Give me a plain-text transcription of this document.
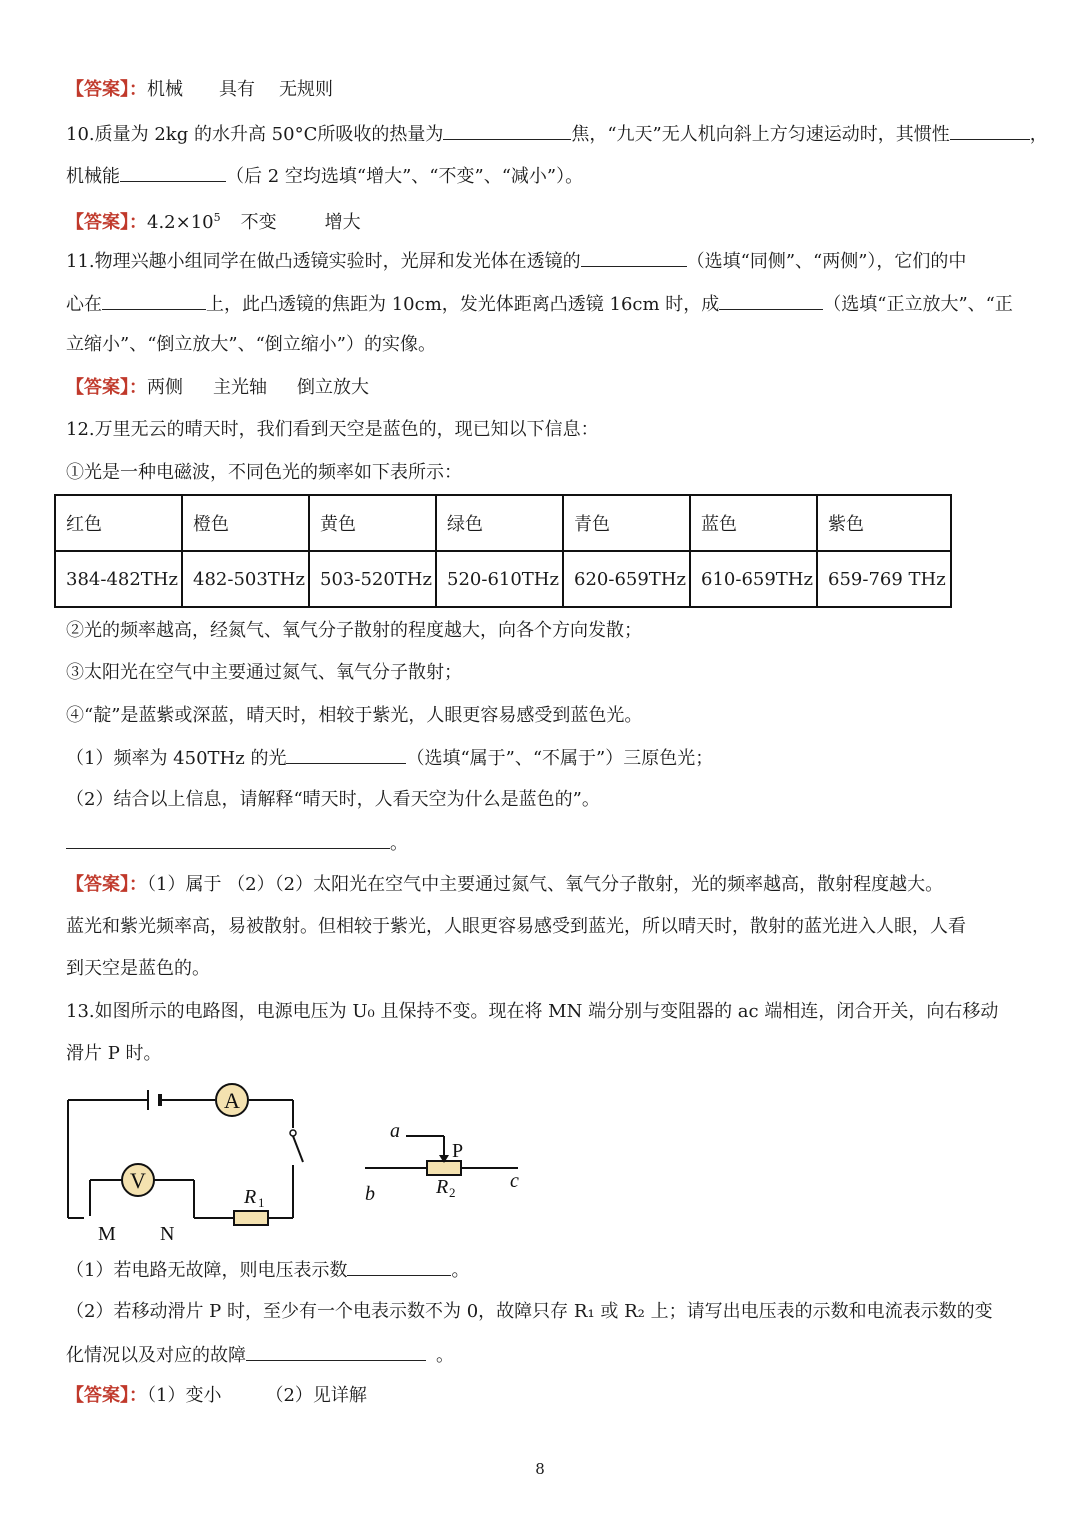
【答案】：机械 具有 无规则
10.质量为 2kg 的水升高 50°C所吸收的热量为	焦，“九天”无人机向斜上方匀速运动时，其惯性	，
机械能	（后 2 空均选填“增大”、“不变”、“减小”）。
【答案】：$4.2\times 10^5$ 不变	增大
11.物理兴趣小组同学在做凸透镜实验时，光屏和发光体在透镜的	（选填“同侧”、“两侧”），它们的中
心在	上，此凸透镜的焦距为 10cm，发光体距离凸透镜 16cm 时，成	（选填“正立放大”、“正
立缩小”、“倒立放大”、“倒立缩小”）的实像。
【答案】：两侧 主光轴 倒立放大
12.万里无云的晴天时，我们看到天空是蓝色的，现已知以下信息：
①光是一种电磁波，不同色光的频率如下表所示：
红色	橙色	黄色	绿色	青色	蓝色	紫色
384-482THz	482-503THz	503-520THz	520-610THz	620-659THz	610-659THz	659-769 THz
②光的频率越高，经氮气、氧气分子散射的程度越大，向各个方向发散；
③太阳光在空气中主要通过氮气、氧气分子散射；
④“靛”是蓝紫或深蓝，晴天时，相较于紫光，人眼更容易感受到蓝色光。
（1）频率为 450THz 的光	（选填“属于”、“不属于”）三原色光；
（2）结合以上信息，请解释“晴天时，人看天空为什么是蓝色的”。
。
【答案】：（1）属于 （2）（2）太阳光在空气中主要通过氮气、氧气分子散射，光的频率越高，散射程度越大。
蓝光和紫光频率高，易被散射。但相较于紫光，人眼更容易感受到蓝光，所以晴天时，散射的蓝光进入人眼，人看
到天空是蓝色的。
13.如图所示的电路图，电源电压为 U₀ 且保持不变。现在将 MN 端分别与变阻器的 ac 端相连，闭合开关，向右移动
滑片 P 时。
A
V
R 1
M N
a
P
b
c
R 2
（1）若电路无故障，则电压表示数	。
（2）若移动滑片 P 时，至少有一个电表示数不为 0，故障只存 R₁ 或 R₂ 上；请写出电压表的示数和电流表示数的变
化情况以及对应的故障	。
【答案】：（1）变小 （2）见详解
8
